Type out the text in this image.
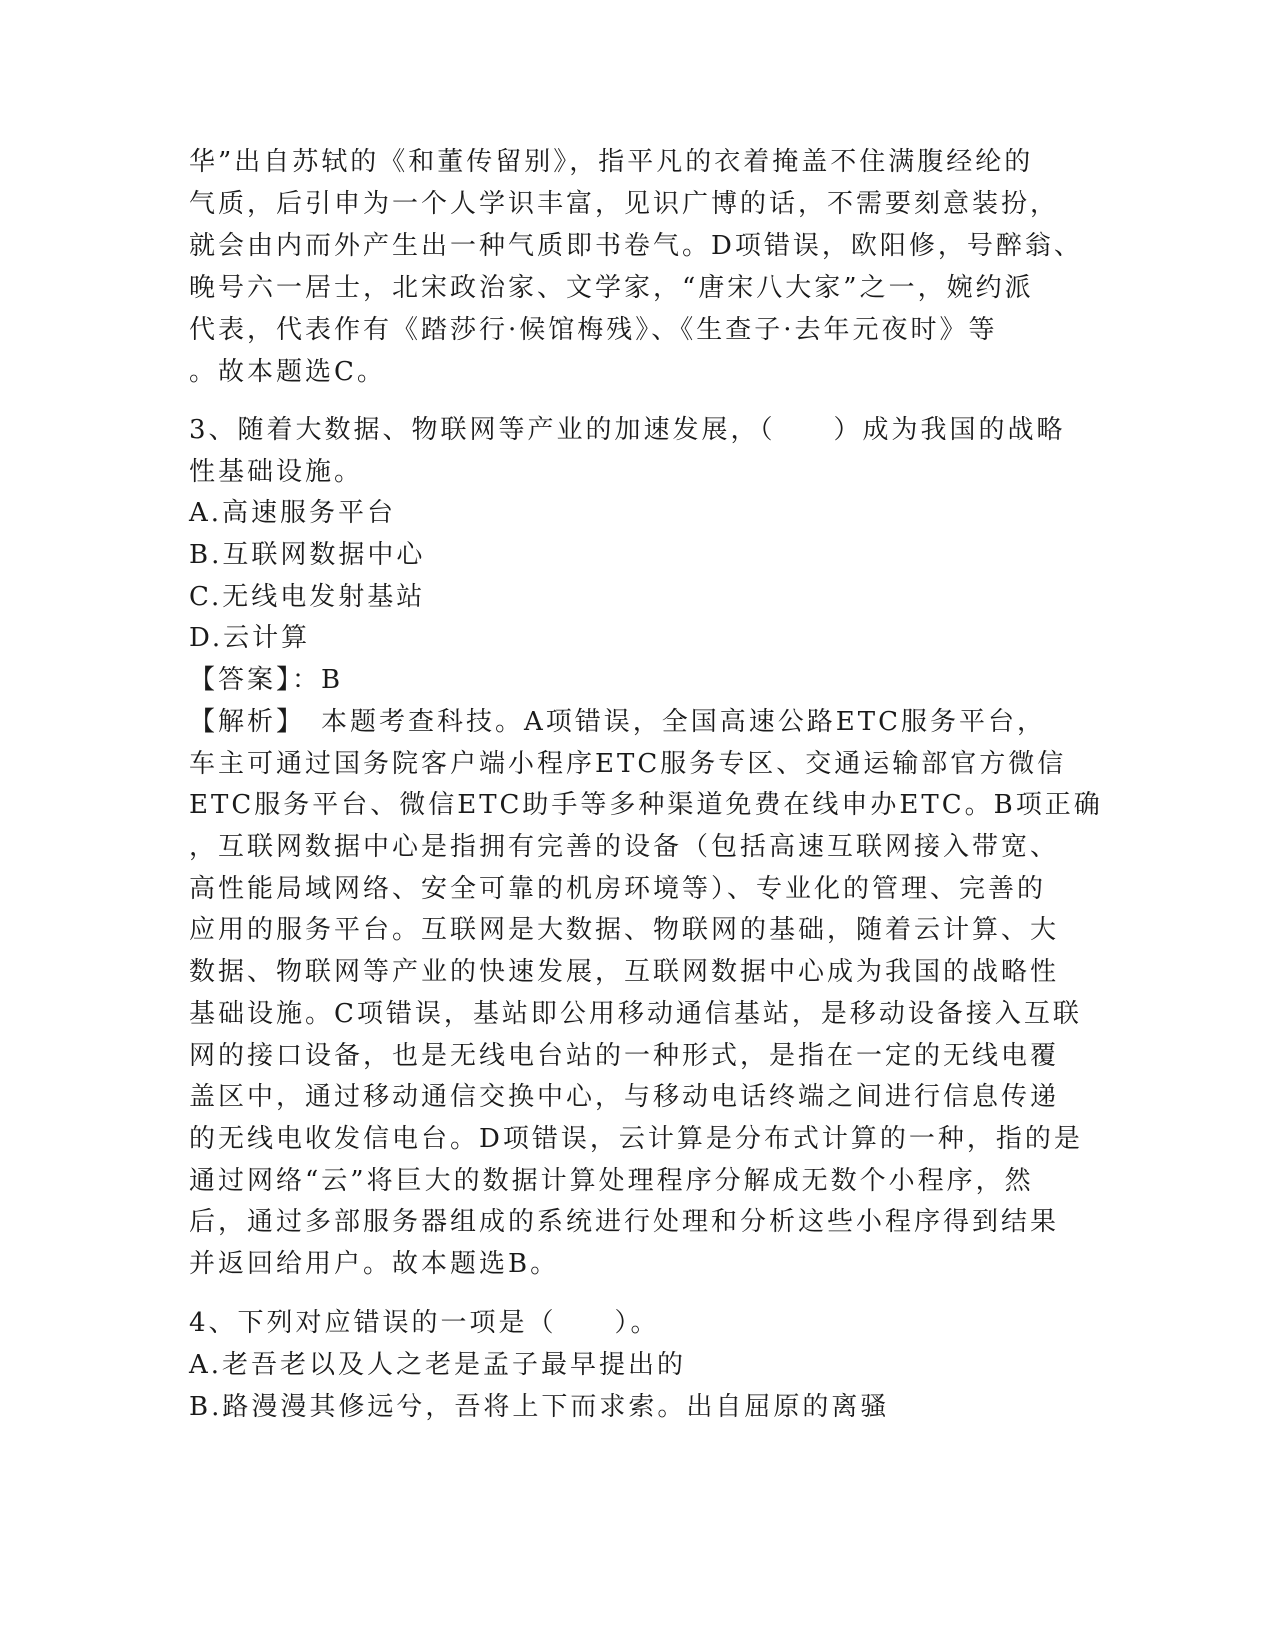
华”出自苏轼的《和董传留别》，指平凡的衣着掩盖不住满腹经纶的
气质，后引申为一个人学识丰富，见识广博的话，不需要刻意装扮，
就会由内而外产生出一种气质即书卷气。D项错误，欧阳修，号醉翁、
晚号六一居士，北宋政治家、文学家，“唐宋八大家”之一，婉约派
代表，代表作有《踏莎行·候馆梅残》、《生查子·去年元夜时》等
。故本题选C。
3、随着大数据、物联网等产业的加速发展，（　　）成为我国的战略
性基础设施。
A.高速服务平台
B.互联网数据中心
C.无线电发射基站
D.云计算
【答案】：B
【解析】　本题考查科技。A项错误，全国高速公路ETC服务平台，
车主可通过国务院客户端小程序ETC服务专区、交通运输部官方微信
ETC服务平台、微信ETC助手等多种渠道免费在线申办ETC。B项正确
，互联网数据中心是指拥有完善的设备（包括高速互联网接入带宽、
高性能局域网络、安全可靠的机房环境等）、专业化的管理、完善的
应用的服务平台。互联网是大数据、物联网的基础，随着云计算、大
数据、物联网等产业的快速发展，互联网数据中心成为我国的战略性
基础设施。C项错误，基站即公用移动通信基站，是移动设备接入互联
网的接口设备，也是无线电台站的一种形式，是指在一定的无线电覆
盖区中，通过移动通信交换中心，与移动电话终端之间进行信息传递
的无线电收发信电台。D项错误，云计算是分布式计算的一种，指的是
通过网络“云”将巨大的数据计算处理程序分解成无数个小程序，然
后，通过多部服务器组成的系统进行处理和分析这些小程序得到结果
并返回给用户。故本题选B。
4、下列对应错误的一项是（　　）。
A.老吾老以及人之老是孟子最早提出的
B.路漫漫其修远兮，吾将上下而求索。出自屈原的离骚
